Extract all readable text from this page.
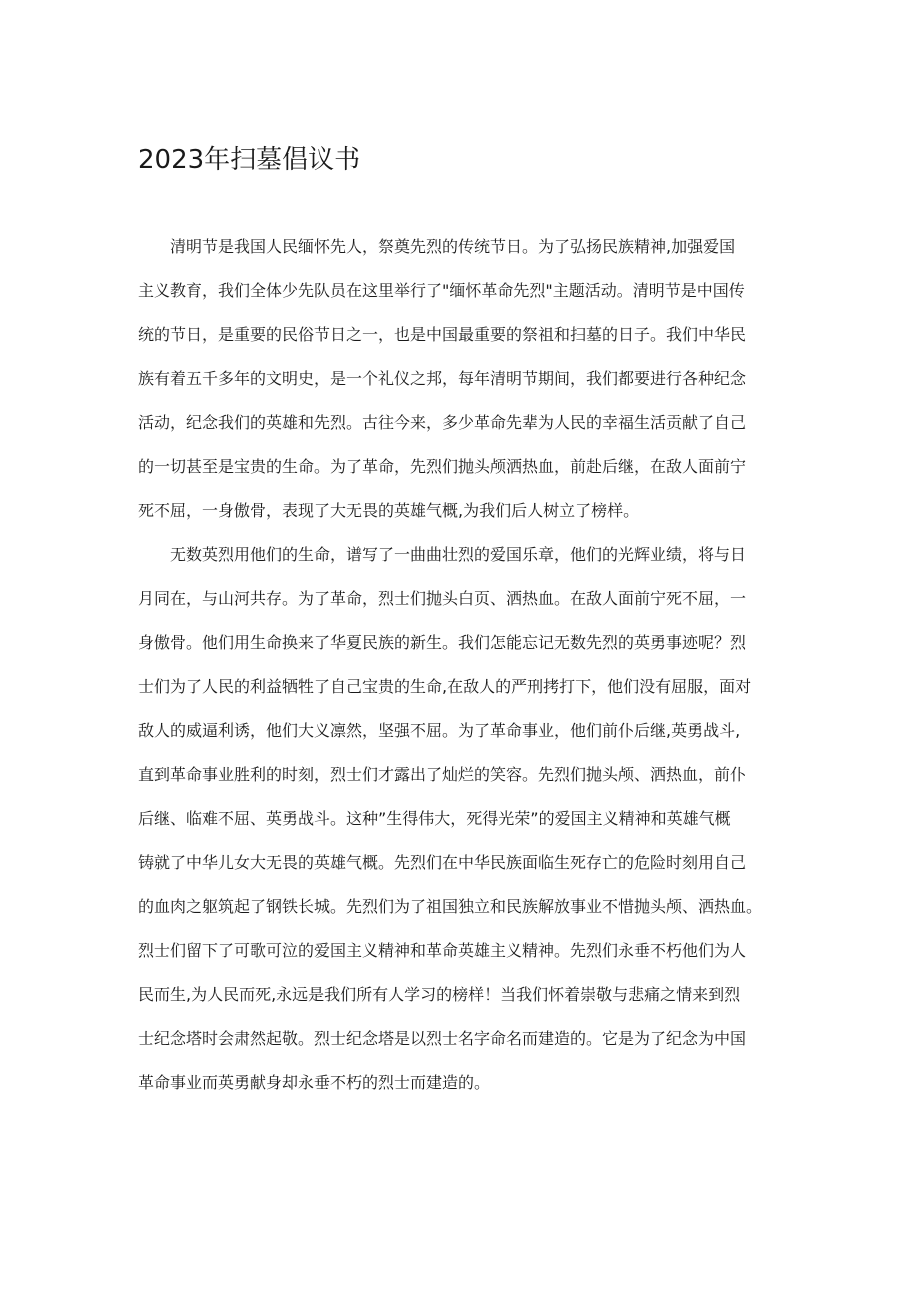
2023年扫墓倡议书
　　清明节是我国人民缅怀先人，祭奠先烈的传统节日。为了弘扬民族精神,加强爱国
主义教育，我们全体少先队员在这里举行了"缅怀革命先烈"主题活动。清明节是中国传
统的节日，是重要的民俗节日之一，也是中国最重要的祭祖和扫墓的日子。我们中华民
族有着五千多年的文明史，是一个礼仪之邦，每年清明节期间，我们都要进行各种纪念
活动，纪念我们的英雄和先烈。古往今来，多少革命先辈为人民的幸福生活贡献了自己
的一切甚至是宝贵的生命。为了革命，先烈们抛头颅洒热血，前赴后继，在敌人面前宁
死不屈，一身傲骨，表现了大无畏的英雄气概,为我们后人树立了榜样。
　　无数英烈用他们的生命，谱写了一曲曲壮烈的爱国乐章，他们的光辉业绩，将与日
月同在，与山河共存。为了革命，烈士们抛头白页、洒热血。在敌人面前宁死不屈，一
身傲骨。他们用生命换来了华夏民族的新生。我们怎能忘记无数先烈的英勇事迹呢？烈
士们为了人民的利益牺牲了自己宝贵的生命,在敌人的严刑拷打下，他们没有屈服，面对
敌人的威逼利诱，他们大义凛然，坚强不屈。为了革命事业，他们前仆后继,英勇战斗,
直到革命事业胜利的时刻，烈士们才露出了灿烂的笑容。先烈们抛头颅、洒热血，前仆
后继、临难不屈、英勇战斗。这种”生得伟大，死得光荣”的爱国主义精神和英雄气概
铸就了中华儿女大无畏的英雄气概。先烈们在中华民族面临生死存亡的危险时刻用自己
的血肉之躯筑起了钢铁长城。先烈们为了祖国独立和民族解放事业不惜抛头颅、洒热血。
烈士们留下了可歌可泣的爱国主义精神和革命英雄主义精神。先烈们永垂不朽他们为人
民而生,为人民而死,永远是我们所有人学习的榜样！当我们怀着崇敬与悲痛之情来到烈
士纪念塔时会肃然起敬。烈士纪念塔是以烈士名字命名而建造的。它是为了纪念为中国
革命事业而英勇献身却永垂不朽的烈士而建造的。
